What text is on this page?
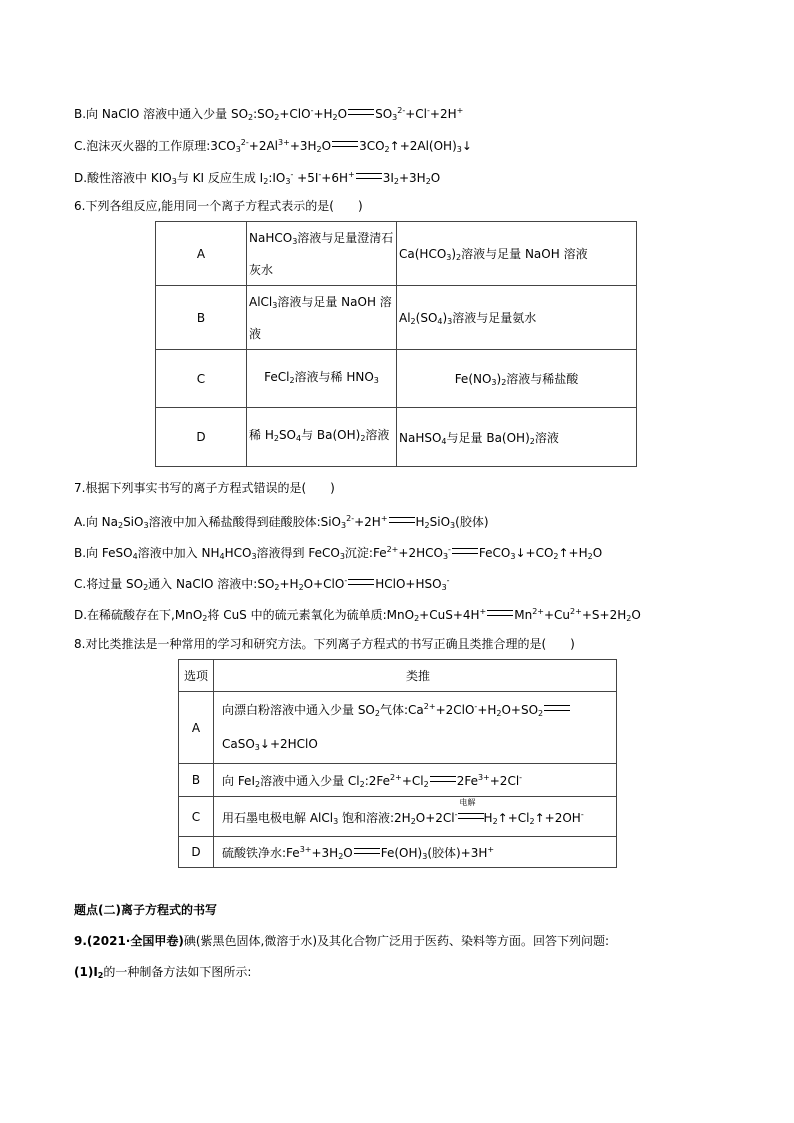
B.向 NaClO 溶液中通入少量 $SO_2:SO_2+ClO^-+H_2O$ $SO_3^{2-}+Cl^-+2H^+$
C.泡沫灭火器的工作原理$:3CO_3^{2-}+2Al^{3+}+3H_2O$ $3CO_2↑+2Al(OH)_3↓$
D.酸性溶液中 $KIO_3$与 KI 反应生成 $I_2:IO_3^- +5I^-+6H^+$ $3I_2+3H_2O$
6.下列各组反应,能用同一个离子方程式表示的是(　　)
A	NaHCO$_3$溶液与足量澄清石灰水	$Ca(HCO_3)_2$溶液与足量 NaOH 溶液
B	AlCl$_3$溶液与足量 NaOH 溶液	$Al_2(SO_4)_3$溶液与足量氨水
C	FeCl$_2$溶液与稀 $HNO_3$	$Fe(NO_3)_2$溶液与稀盐酸
D	稀 $H_2SO_4$与 $Ba(OH)_2$溶液	NaHSO$_4$与足量 $Ba(OH)_2$溶液
7.根据下列事实书写的离子方程式错误的是(　　)
A.向 $Na_2SiO_3$溶液中加入稀盐酸得到硅酸胶体:SiO$_3^{2-}$+2H+ $H_2SiO_3$(胶体)
B.向 FeSO$_4$溶液中加入 $NH_4HCO_3$溶液得到 FeCO$_3$沉淀$:Fe^{2+}+2HCO_3^-$ $FeCO_3↓+CO_2↑+H_2O$
C.将过量 $SO_2$通入 NaClO 溶液中$:SO_2+H_2O+ClO^-$ $HClO+HSO_3^-$
D.在稀硫酸存在下,MnO$_2$将 CuS 中的硫元素氧化为硫单质:MnO$_2$+CuS+4H+ $Mn^{2+}+Cu^{2+}+S+2H_2O$
8.对比类推法是一种常用的学习和研究方法。下列离子方程式的书写正确且类推合理的是(　　)
选项	类推
A	向漂白粉溶液中通入少量 $SO_2$气体$:Ca^{2+}+2ClO^-+H_2O+SO_2$
CaSO$_3$↓+2HClO

B	向 FeI$_2$溶液中通入少量 $Cl_2:2Fe^{2+}+Cl_2$ $2Fe^{3+}+2Cl^-$
C	用石墨电极电解 AlCl$_3$ 饱和溶液$:2H_2O+2Cl^-$
电解
$H_2↑+Cl_2↑+2OH^-$
D	硫酸铁净水$:Fe^{3+}+3H_2O$ $Fe(OH)_3$(胶体)+3H+
题点(二)离子方程式的书写
9.(2021·全国甲卷)碘(紫黑色固体,微溶于水)及其化合物广泛用于医药、染料等方面。回答下列问题:
$(1)I_2$的一种制备方法如下图所示:
